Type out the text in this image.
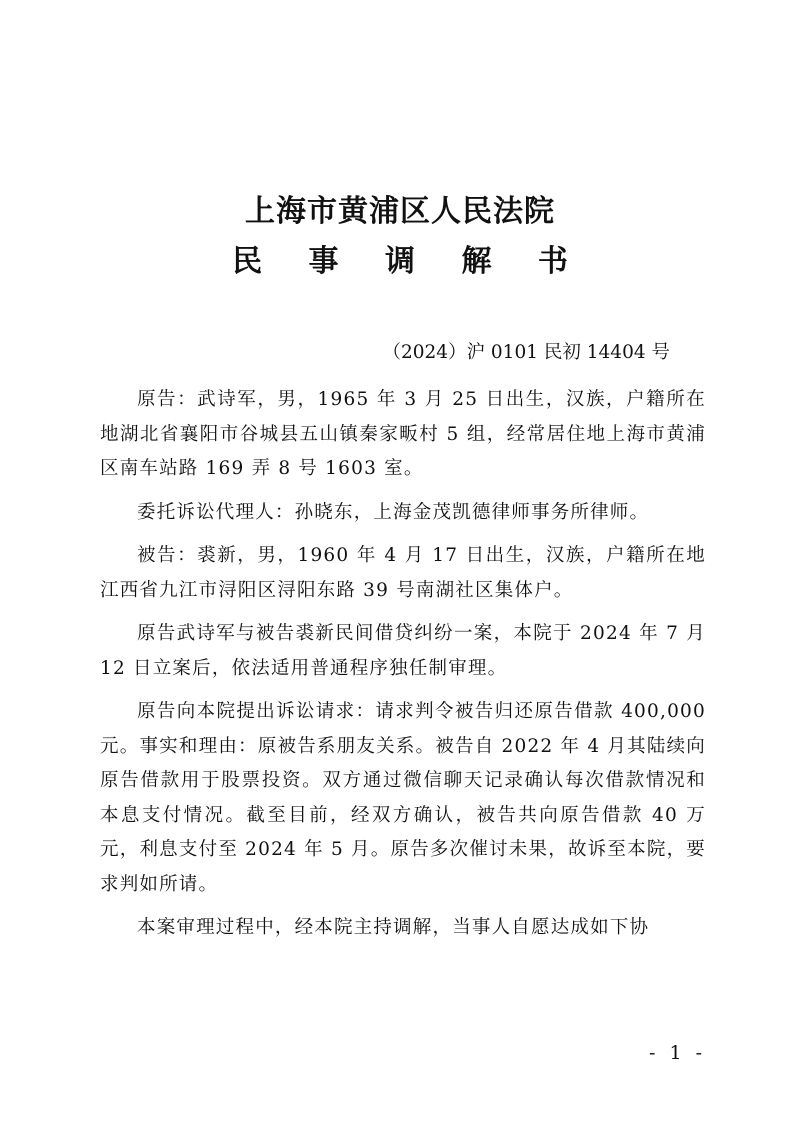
上海市黄浦区人民法院
民 事 调 解 书
（2024）沪 0101 民初 14404 号

原告：武诗军，男，1965 年 3 月 25 日出生，汉族，户籍所在地湖北省襄阳市谷城县五山镇秦家畈村 5 组，经常居住地上海市黄浦区南车站路 169 弄 8 号 1603 室。

委托诉讼代理人：孙晓东，上海金茂凯德律师事务所律师。

被告：裘新，男，1960 年 4 月 17 日出生，汉族，户籍所在地江西省九江市浔阳区浔阳东路 39 号南湖社区集体户。

原告武诗军与被告裘新民间借贷纠纷一案，本院于 2024 年 7 月 12 日立案后，依法适用普通程序独任制审理。

原告向本院提出诉讼请求：请求判令被告归还原告借款 400,000 元。事实和理由：原被告系朋友关系。被告自 2022 年 4 月其陆续向原告借款用于股票投资。双方通过微信聊天记录确认每次借款情况和本息支付情况。截至目前，经双方确认，被告共向原告借款 40 万元，利息支付至 2024 年 5 月。原告多次催讨未果，故诉至本院，要求判如所请。

本案审理过程中，经本院主持调解，当事人自愿达成如下协

- 1 -
